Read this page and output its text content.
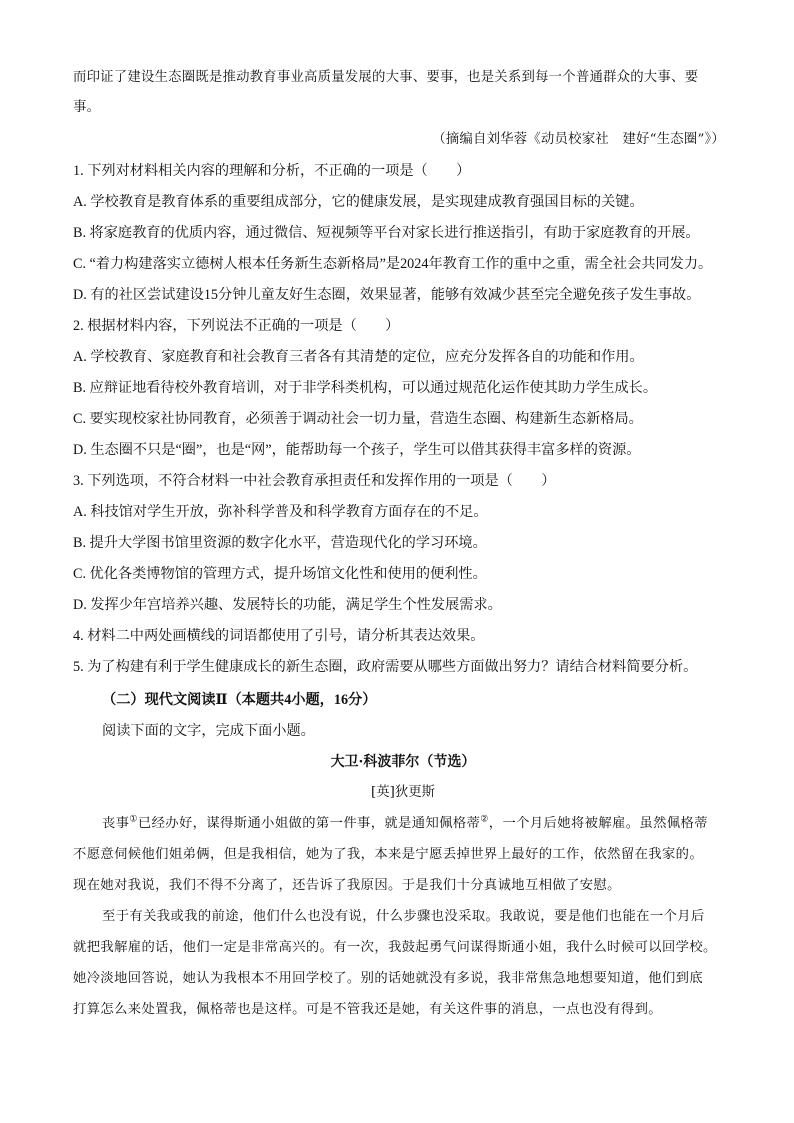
而印证了建设生态圈既是推动教育事业高质量发展的大事、要事，也是关系到每一个普通群众的大事、要
事。
（摘编自刘华蓉《动员校家社　建好“生态圈”》）
1. 下列对材料相关内容的理解和分析，不正确的一项是（　　）
A. 学校教育是教育体系的重要组成部分，它的健康发展，是实现建成教育强国目标的关键。
B. 将家庭教育的优质内容，通过微信、短视频等平台对家长进行推送指引，有助于家庭教育的开展。
C. “着力构建落实立德树人根本任务新生态新格局”是2024年教育工作的重中之重，需全社会共同发力。
D. 有的社区尝试建设15分钟儿童友好生态圈，效果显著，能够有效减少甚至完全避免孩子发生事故。
2. 根据材料内容，下列说法不正确的一项是（　　）
A. 学校教育、家庭教育和社会教育三者各有其清楚的定位，应充分发挥各自的功能和作用。
B. 应辩证地看待校外教育培训，对于非学科类机构，可以通过规范化运作使其助力学生成长。
C. 要实现校家社协同教育，必须善于调动社会一切力量，营造生态圈、构建新生态新格局。
D. 生态圈不只是“圈”，也是“网”，能帮助每一个孩子，学生可以借其获得丰富多样的资源。
3. 下列选项，不符合材料一中社会教育承担责任和发挥作用的一项是（　　）
A. 科技馆对学生开放，弥补科学普及和科学教育方面存在的不足。
B. 提升大学图书馆里资源的数字化水平，营造现代化的学习环境。
C. 优化各类博物馆的管理方式，提升场馆文化性和使用的便利性。
D. 发挥少年宫培养兴趣、发展特长的功能，满足学生个性发展需求。
4. 材料二中两处画横线的词语都使用了引号，请分析其表达效果。
5. 为了构建有利于学生健康成长的新生态圈，政府需要从哪些方面做出努力？请结合材料简要分析。
（二）现代文阅读Ⅱ（本题共4小题，16分）
阅读下面的文字，完成下面小题。
大卫·科波菲尔（节选）
[英]狄更斯
丧事①已经办好，谋得斯通小姐做的第一件事，就是通知佩格蒂②，一个月后她将被解雇。虽然佩格蒂
不愿意伺候他们姐弟俩，但是我相信，她为了我，本来是宁愿丢掉世界上最好的工作，依然留在我家的。
现在她对我说，我们不得不分离了，还告诉了我原因。于是我们十分真诚地互相做了安慰。
至于有关我或我的前途，他们什么也没有说，什么步骤也没采取。我敢说，要是他们也能在一个月后
就把我解雇的话，他们一定是非常高兴的。有一次，我鼓起勇气问谋得斯通小姐，我什么时候可以回学校。
她冷淡地回答说，她认为我根本不用回学校了。别的话她就没有多说，我非常焦急地想要知道，他们到底
打算怎么来处置我，佩格蒂也是这样。可是不管我还是她，有关这件事的消息，一点也没有得到。
